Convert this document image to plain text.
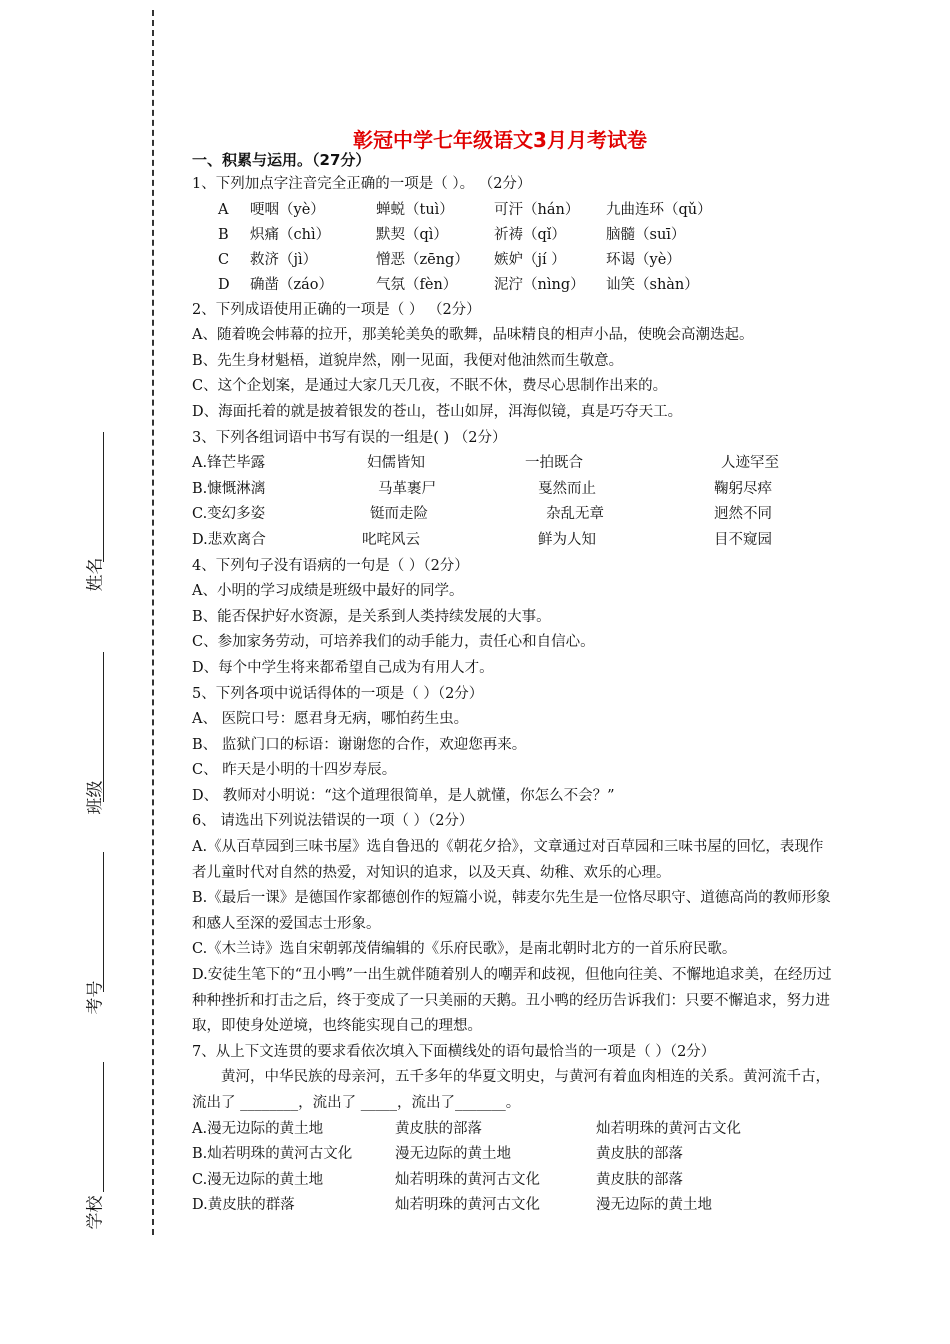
姓名
班级
考号
学校
彰冠中学七年级语文3月月考试卷
一、积累与运用。（27分）
1、下列加点字注音完全正确的一项是（ ）。 （2分）
A	哽咽（yè）	蝉蜕（tuì）	可汗（hán）	九曲连环（qǔ）
B	炽痛（chì）	默契（qì）	祈祷（qǐ）	脑髓（suī）
C	救济（jì）	憎恶（zēng）	嫉妒（jí ）	环谒（yè）
D	确凿（záo）	气氛（fèn）	泥泞（nìng）	讪笑（shàn）
2、下列成语使用正确的一项是（ ） （2分）
A、随着晚会帏幕的拉开，那美轮美奂的歌舞，品味精良的相声小品，使晚会高潮迭起。
B、先生身材魁梧，道貌岸然，刚一见面，我便对他油然而生敬意。
C、这个企划案，是通过大家几天几夜，不眠不休，费尽心思制作出来的。
D、海面托着的就是披着银发的苍山，苍山如屏，洱海似镜，真是巧夺天工。
3、下列各组词语中书写有误的一组是( ) （2分）
A.锋芒毕露	妇儒皆知	一拍既合	人迹罕至
B.慷慨淋漓	马革裹尸	戛然而止	鞠躬尽瘁
C.变幻多姿	铤而走险	杂乱无章	迥然不同
D.悲欢离合	叱咤风云	鲜为人知	目不窥园
4、下列句子没有语病的一句是（ ）（2分）
A、小明的学习成绩是班级中最好的同学。
B、能否保护好水资源，是关系到人类持续发展的大事。
C、参加家务劳动，可培养我们的动手能力，责任心和自信心。
D、每个中学生将来都希望自己成为有用人才。
5、下列各项中说话得体的一项是（ ）（2分）
A、 医院口号：愿君身无病，哪怕药生虫。
B、 监狱门口的标语：谢谢您的合作，欢迎您再来。
C、 昨天是小明的十四岁寿辰。
D、 教师对小明说：“这个道理很简单，是人就懂，你怎么不会？”
6、 请选出下列说法错误的一项（ ）（2分）
A.《从百草园到三味书屋》选自鲁迅的《朝花夕拾》，文章通过对百草园和三味书屋的回忆，表现作者儿童时代对自然的热爱，对知识的追求，以及天真、幼稚、欢乐的心理。
B.《最后一课》是德国作家都德创作的短篇小说，韩麦尔先生是一位恪尽职守、道德高尚的教师形象和感人至深的爱国志士形象。
C.《木兰诗》选自宋朝郭茂倩编辑的《乐府民歌》，是南北朝时北方的一首乐府民歌。
D.安徒生笔下的“丑小鸭”一出生就伴随着别人的嘲弄和歧视，但他向往美、不懈地追求美，在经历过种种挫折和打击之后，终于变成了一只美丽的天鹅。丑小鸭的经历告诉我们：只要不懈追求，努力进取，即使身处逆境，也终能实现自己的理想。
7、从上下文连贯的要求看依次填入下面横线处的语句最恰当的一项是（ ）（2分）
黄河，中华民族的母亲河，五千多年的华夏文明史，与黄河有着血肉相连的关系。黄河流千古，流出了 ________，流出了 _____，流出了_______。
A.漫无边际的黄土地	黄皮肤的部落	灿若明珠的黄河古文化
B.灿若明珠的黄河古文化	漫无边际的黄土地	黄皮肤的部落
C.漫无边际的黄土地	灿若明珠的黄河古文化	黄皮肤的部落
D.黄皮肤的群落	灿若明珠的黄河古文化	漫无边际的黄土地
